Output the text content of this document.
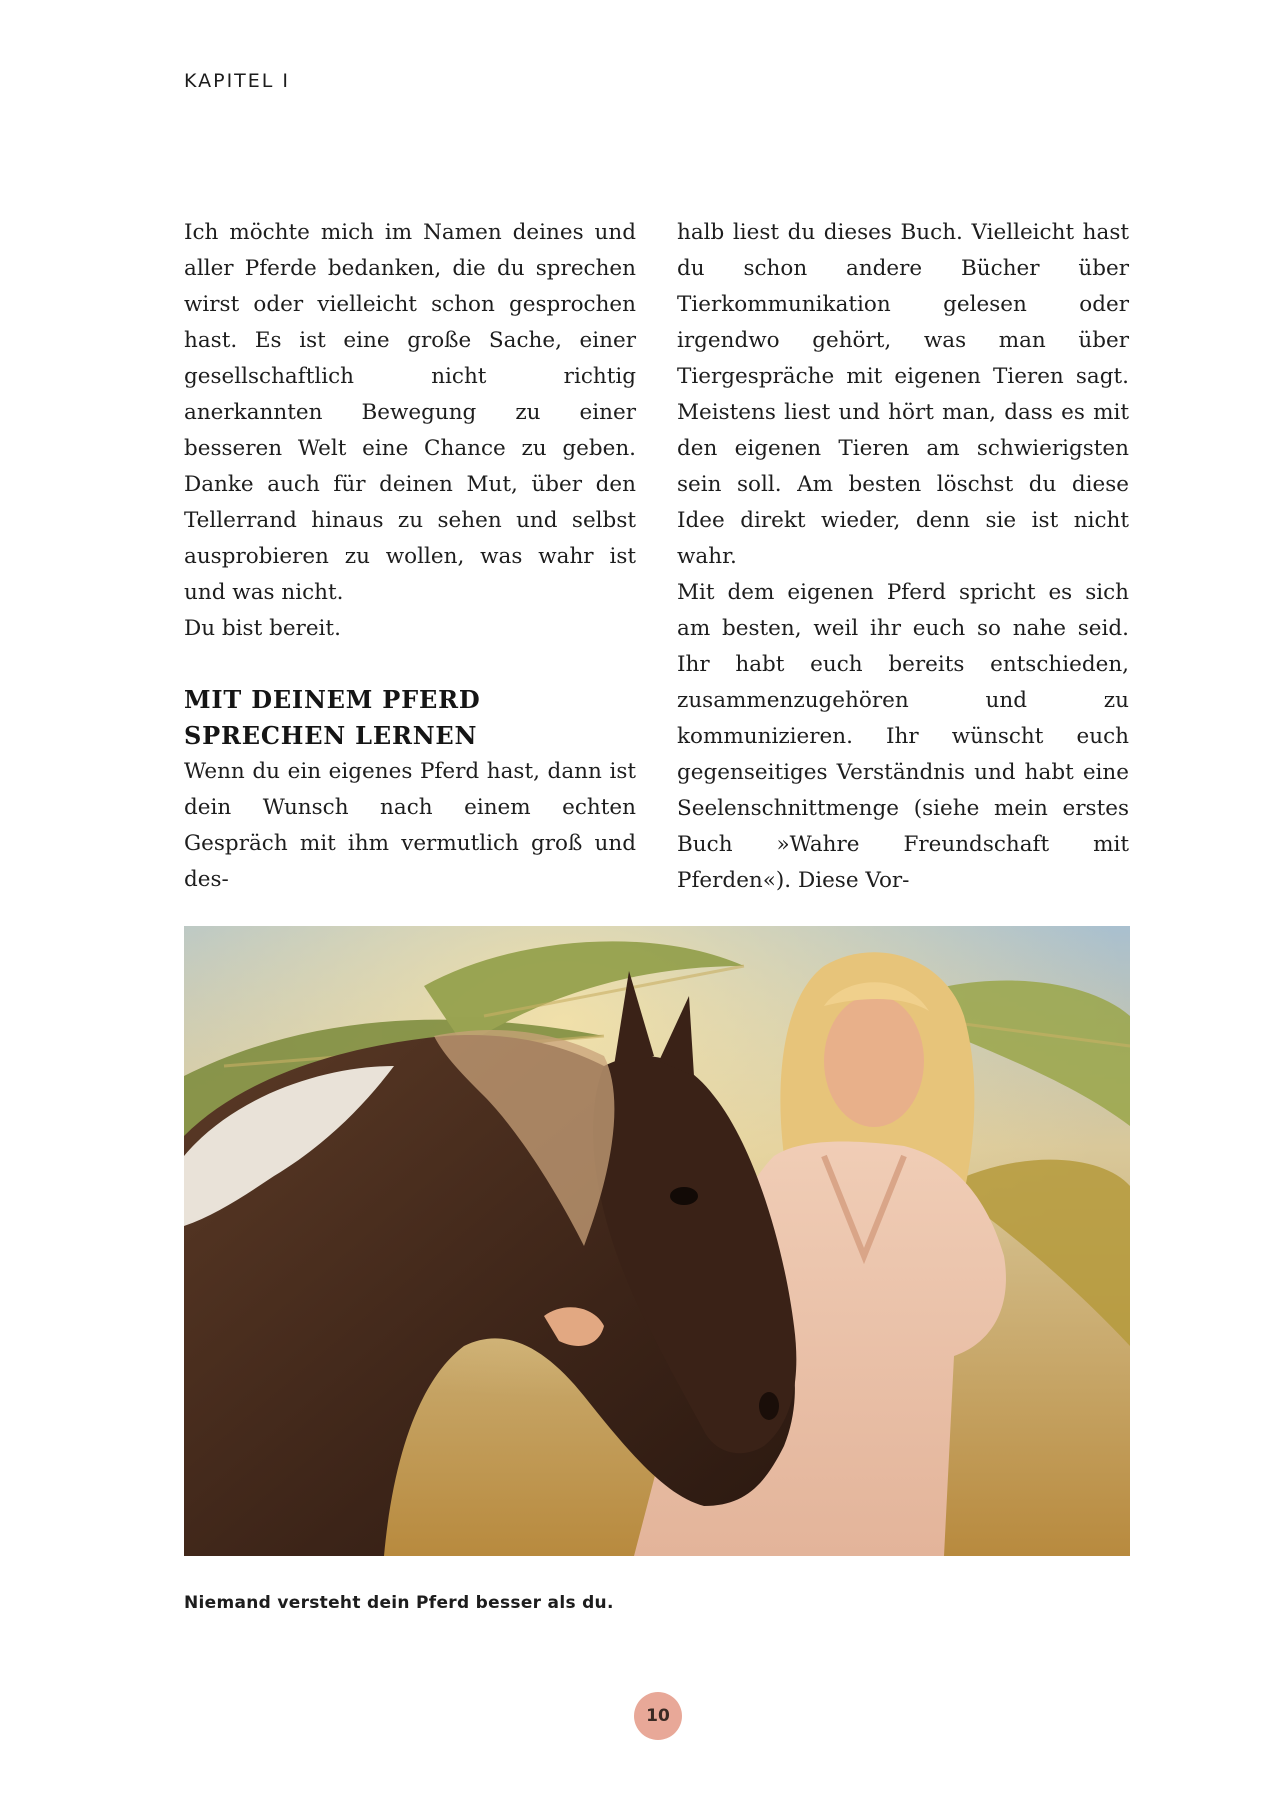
KAPITEL I

Ich möchte mich im Namen deines und aller Pferde bedanken, die du sprechen wirst oder vielleicht schon gesprochen hast. Es ist eine große Sache, einer gesellschaftlich nicht richtig anerkannten Bewegung zu einer besseren Welt eine Chance zu geben. Danke auch für deinen Mut, über den Tellerrand hinaus zu sehen und selbst ausprobieren zu wollen, was wahr ist und was nicht.

Du bist bereit.

MIT DEINEM PFERD SPRECHEN LERNEN

Wenn du ein eigenes Pferd hast, dann ist dein Wunsch nach einem echten Gespräch mit ihm vermutlich groß und des-

halb liest du dieses Buch. Vielleicht hast du schon andere Bücher über Tierkommunikation gelesen oder irgendwo gehört, was man über Tiergespräche mit eigenen Tieren sagt. Meistens liest und hört man, dass es mit den eigenen Tieren am schwierigsten sein soll. Am besten löschst du diese Idee direkt wieder, denn sie ist nicht wahr.

Mit dem eigenen Pferd spricht es sich am besten, weil ihr euch so nahe seid. Ihr habt euch bereits entschieden, zusammenzugehören und zu kommunizieren. Ihr wünscht euch gegenseitiges Verständnis und habt eine Seelenschnittmenge (siehe mein erstes Buch »Wahre Freundschaft mit Pferden«). Diese Vor-

Niemand versteht dein Pferd besser als du.
10
